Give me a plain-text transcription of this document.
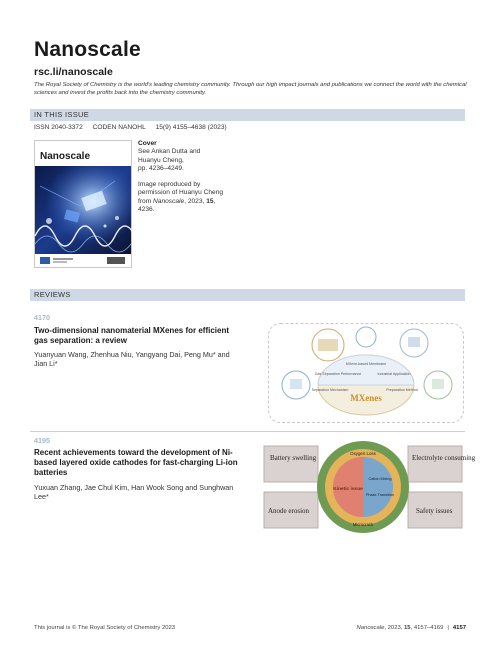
Nanoscale
rsc.li/nanoscale
The Royal Society of Chemistry is the world's leading chemistry community. Through our high impact journals and publications we connect the world with the chemical sciences and invest the profits back into the chemistry community.
IN THIS ISSUE
ISSN 2040-3372 CODEN NANOHL 15(9) 4155–4638 (2023)
Nanoscale
Cover
See Ankan Dutta and
Huanyu Cheng,
pp. 4236–4249.
Image reproduced by
permission of Huanyu Cheng
from Nanoscale, 2023, 15,
4236.
REVIEWS
4170
Two-dimensional nanomaterial MXenes for efficient gas separation: a review
Yuanyuan Wang, Zhenhua Niu, Yangyang Dai, Peng Mu* and Jian Li*
MXenes
Gas Separation Performance	Industrial Application
Separation Mechanism	Preparation Method
MXene-based Membrane
4195
Recent achievements toward the development of Ni-based layered oxide cathodes for fast-charging Li-ion batteries
Yuxuan Zhang, Jae Chul Kim, Han Wook Song and Sunghwan Lee*
Battery swelling	Electrolyte consuming
Anode erosion	Safety issues
Oxygen Loss
Kinetic issue
Cation Mixing
Phase Transition
Microcrack
This journal is © The Royal Society of Chemistry 2023	Nanoscale, 2023, 15, 4157–4169 | 4157
